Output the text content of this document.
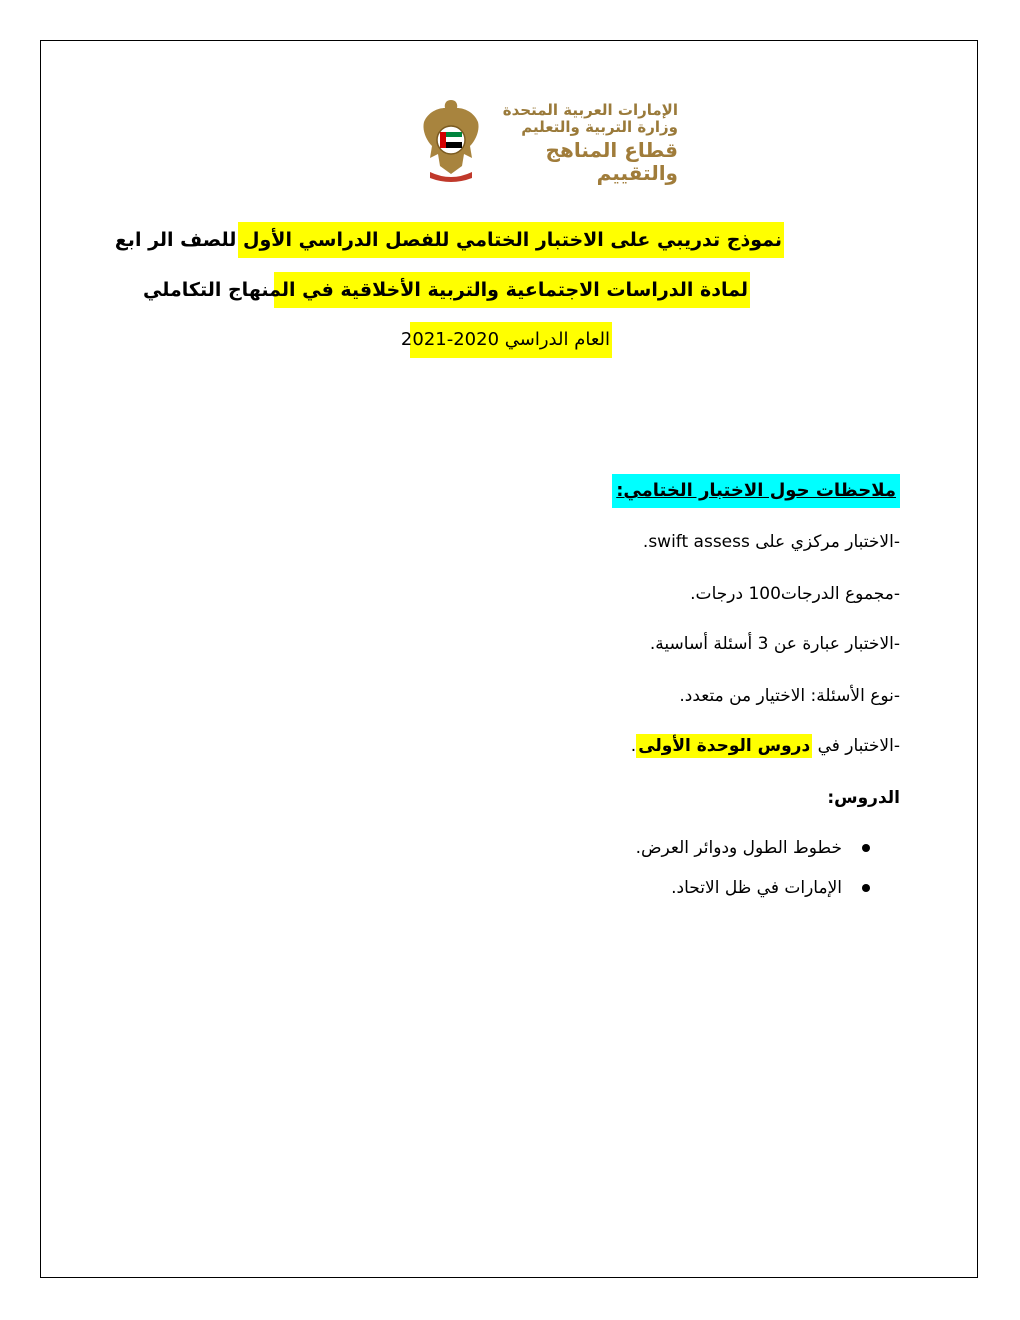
الإمارات العربية المتحدة
وزارة التربية والتعليم
قطاع المناهج والتقييم
نموذج تدريبي على الاختبار الختامي للفصل الدراسي الأول للصف الر ابع
لمادة الدراسات الاجتماعية والتربية الأخلاقية في المنهاج التكاملي
العام الدراسي 2020-2021
ملاحظات حول الاختبار الختامي:
-الاختبار مركزي على swift assess.
-مجموع الدرجات100 درجات.
-الاختبار عبارة عن 3 أسئلة أساسية.
-نوع الأسئلة: الاختيار من متعدد.
-الاختبار في دروس الوحدة الأولى.
الدروس:
خطوط الطول ودوائر العرض.
الإمارات في ظل الاتحاد.
